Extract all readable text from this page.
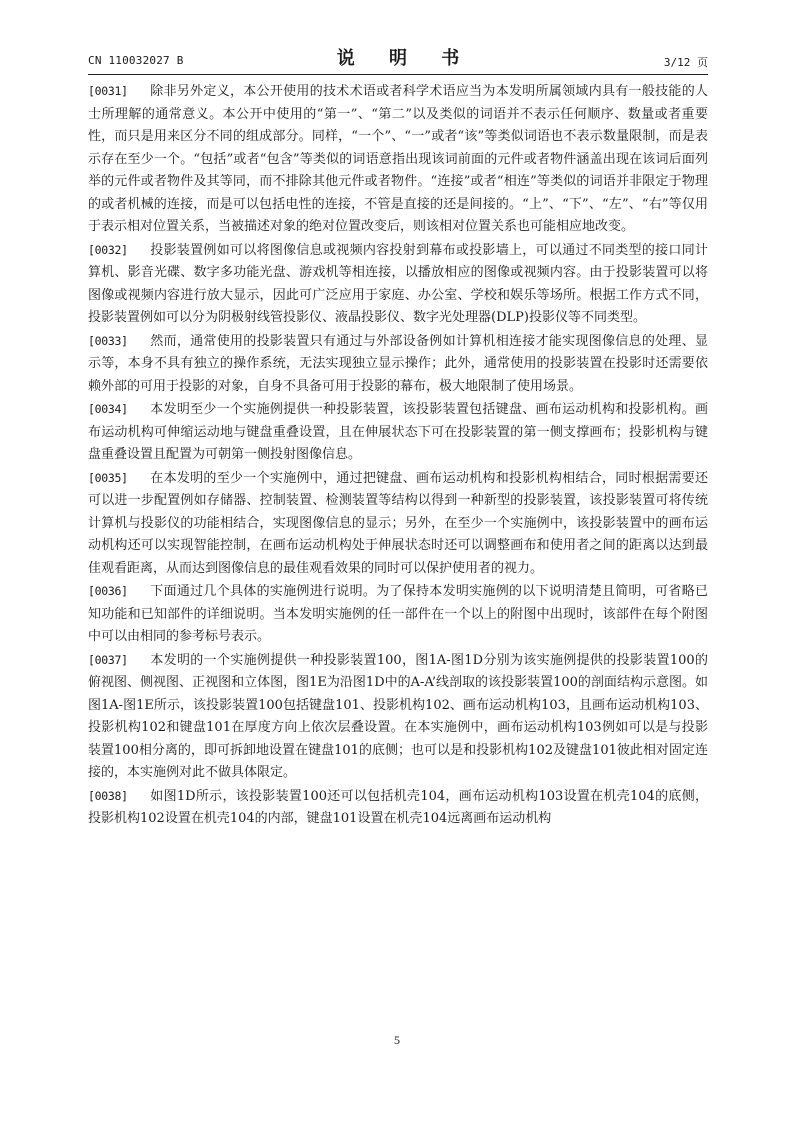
CN 110032027 B	说 明 书	3/12 页

[0031] 除非另外定义，本公开使用的技术术语或者科学术语应当为本发明所属领域内具有一般技能的人士所理解的通常意义。本公开中使用的“第一”、“第二”以及类似的词语并不表示任何顺序、数量或者重要性，而只是用来区分不同的组成部分。同样，“一个”、“一”或者“该”等类似词语也不表示数量限制，而是表示存在至少一个。“包括”或者“包含”等类似的词语意指出现该词前面的元件或者物件涵盖出现在该词后面列举的元件或者物件及其等同，而不排除其他元件或者物件。“连接”或者“相连”等类似的词语并非限定于物理的或者机械的连接，而是可以包括电性的连接，不管是直接的还是间接的。“上”、“下”、“左”、“右”等仅用于表示相对位置关系，当被描述对象的绝对位置改变后，则该相对位置关系也可能相应地改变。

[0032] 投影装置例如可以将图像信息或视频内容投射到幕布或投影墙上，可以通过不同类型的接口同计算机、影音光碟、数字多功能光盘、游戏机等相连接，以播放相应的图像或视频内容。由于投影装置可以将图像或视频内容进行放大显示，因此可广泛应用于家庭、办公室、学校和娱乐等场所。根据工作方式不同，投影装置例如可以分为阴极射线管投影仪、液晶投影仪、数字光处理器(DLP)投影仪等不同类型。

[0033] 然而，通常使用的投影装置只有通过与外部设备例如计算机相连接才能实现图像信息的处理、显示等，本身不具有独立的操作系统，无法实现独立显示操作；此外，通常使用的投影装置在投影时还需要依赖外部的可用于投影的对象，自身不具备可用于投影的幕布，极大地限制了使用场景。

[0034] 本发明至少一个实施例提供一种投影装置，该投影装置包括键盘、画布运动机构和投影机构。画布运动机构可伸缩运动地与键盘重叠设置，且在伸展状态下可在投影装置的第一侧支撑画布；投影机构与键盘重叠设置且配置为可朝第一侧投射图像信息。

[0035] 在本发明的至少一个实施例中，通过把键盘、画布运动机构和投影机构相结合，同时根据需要还可以进一步配置例如存储器、控制装置、检测装置等结构以得到一种新型的投影装置，该投影装置可将传统计算机与投影仪的功能相结合，实现图像信息的显示；另外，在至少一个实施例中，该投影装置中的画布运动机构还可以实现智能控制，在画布运动机构处于伸展状态时还可以调整画布和使用者之间的距离以达到最佳观看距离，从而达到图像信息的最佳观看效果的同时可以保护使用者的视力。

[0036] 下面通过几个具体的实施例进行说明。为了保持本发明实施例的以下说明清楚且简明，可省略已知功能和已知部件的详细说明。当本发明实施例的任一部件在一个以上的附图中出现时，该部件在每个附图中可以由相同的参考标号表示。

[0037] 本发明的一个实施例提供一种投影装置100，图1A-图1D分别为该实施例提供的投影装置100的俯视图、侧视图、正视图和立体图，图1E为沿图1D中的A-A’线剖取的该投影装置100的剖面结构示意图。如图1A-图1E所示，该投影装置100包括键盘101、投影机构102、画布运动机构103，且画布运动机构103、投影机构102和键盘101在厚度方向上依次层叠设置。在本实施例中，画布运动机构103例如可以是与投影装置100相分离的，即可拆卸地设置在键盘101的底侧；也可以是和投影机构102及键盘101彼此相对固定连接的，本实施例对此不做具体限定。

[0038] 如图1D所示，该投影装置100还可以包括机壳104，画布运动机构103设置在机壳104的底侧，投影机构102设置在机壳104的内部，键盘101设置在机壳104远离画布运动机构

5
